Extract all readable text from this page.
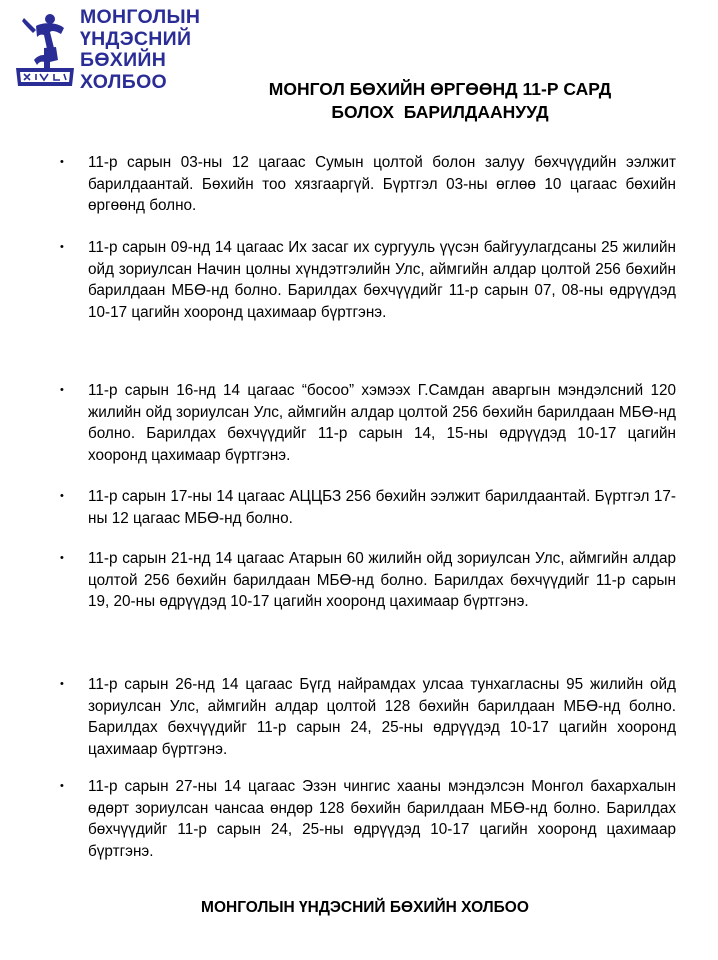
МОНГОЛЫН
ҮНДЭСНИЙ
БӨХИЙН
ХОЛБОО	МОНГОЛ БӨХИЙН ӨРГӨӨНД 11-Р САРД
БОЛОХ  БАРИЛДААНУУД
• 11-р сарын 03-ны 12 цагаас Сумын цолтой болон залуу бөхчүүдийн ээлжит барилдаантай. Бөхийн тоо хязгааргүй. Бүртгэл 03-ны өглөө 10 цагаас бөхийн өргөөнд болно.
• 11-р сарын 09-нд 14 цагаас Их засаг их сургууль үүсэн байгуулагдсаны 25 жилийн ойд зориулсан Начин цолны хүндэтгэлийн Улс, аймгийн алдар цолтой 256 бөхийн барилдаан МБӨ-нд болно. Барилдах бөхчүүдийг 11-р сарын 07, 08-ны өдрүүдэд 10-17 цагийн хооронд цахимаар бүртгэнэ.
• 11-р сарын 16-нд 14 цагаас “босоо” хэмээх Г.Самдан аваргын мэндэлсний 120 жилийн ойд зориулсан Улс, аймгийн алдар цолтой 256 бөхийн барилдаан МБӨ-нд болно. Барилдах бөхчүүдийг 11-р сарын 14, 15-ны өдрүүдэд 10-17 цагийн хооронд цахимаар бүртгэнэ.
• 11-р сарын 17-ны 14 цагаас АЦЦБЗ 256 бөхийн ээлжит барилдаантай. Бүртгэл 17-ны 12 цагаас МБӨ-нд болно.
• 11-р сарын 21-нд 14 цагаас Атарын 60 жилийн ойд зориулсан Улс, аймгийн алдар цолтой 256 бөхийн барилдаан МБӨ-нд болно. Барилдах бөхчүүдийг 11-р сарын 19, 20-ны өдрүүдэд 10-17 цагийн хооронд цахимаар бүртгэнэ.
• 11-р сарын 26-нд 14 цагаас Бүгд найрамдах улсаа тунхагласны 95 жилийн ойд зориулсан Улс, аймгийн алдар цолтой 128 бөхийн барилдаан МБӨ-нд болно. Барилдах бөхчүүдийг 11-р сарын 24, 25-ны өдрүүдэд 10-17 цагийн хооронд цахимаар бүртгэнэ.
• 11-р сарын 27-ны 14 цагаас Эзэн чингис хааны мэндэлсэн Монгол бахархалын өдөрт зориулсан чансаа өндөр 128 бөхийн барилдаан МБӨ-нд болно. Барилдах бөхчүүдийг 11-р сарын 24, 25-ны өдрүүдэд 10-17 цагийн хооронд цахимаар бүртгэнэ.

МОНГОЛЫН ҮНДЭСНИЙ БӨХИЙН ХОЛБОО
